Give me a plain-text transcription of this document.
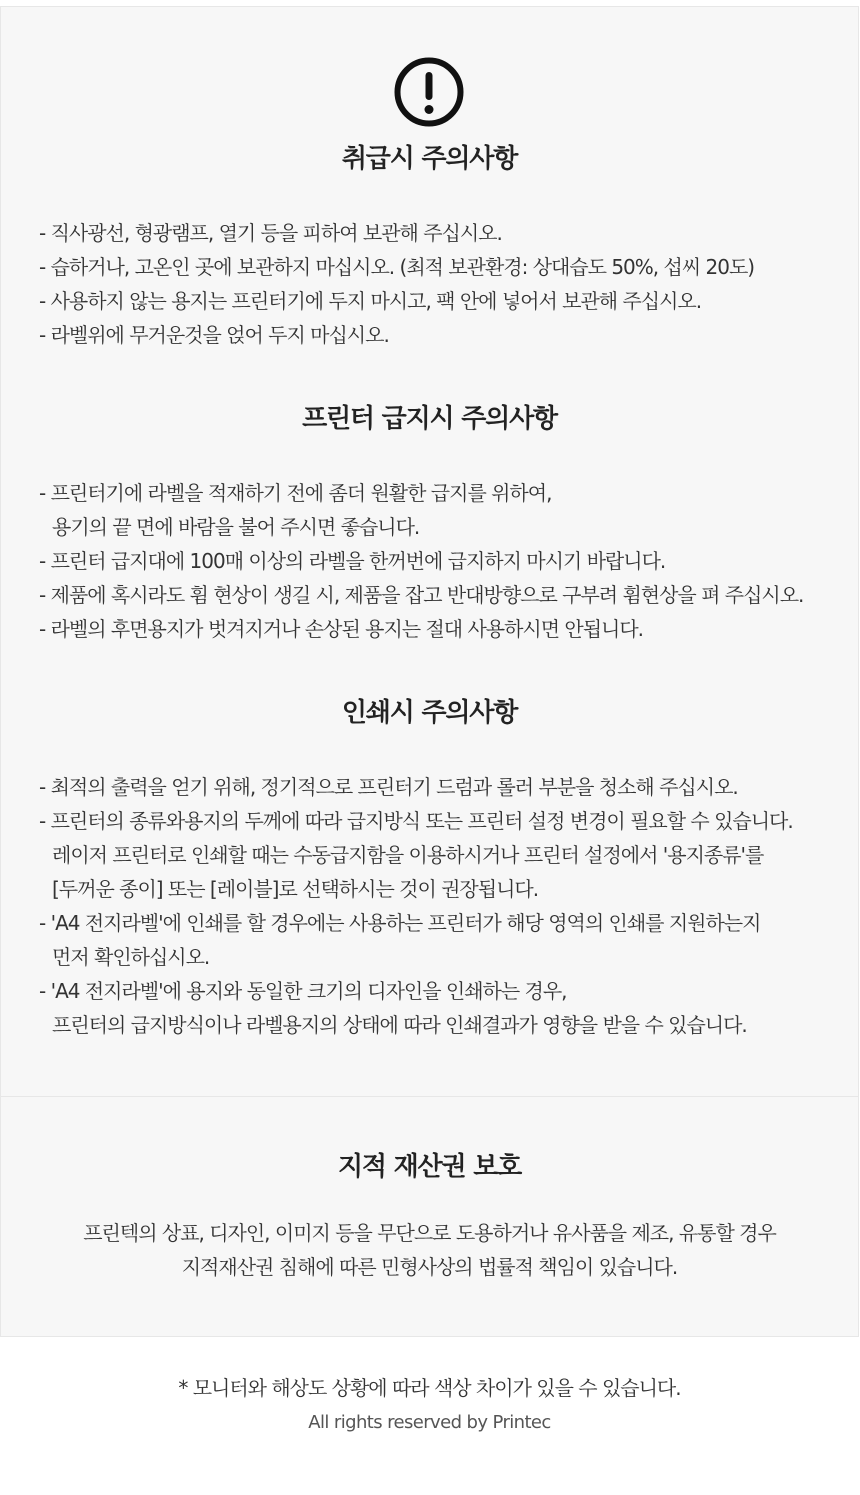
취급시 주의사항
- 직사광선, 형광램프, 열기 등을 피하여 보관해 주십시오.
- 습하거나, 고온인 곳에 보관하지 마십시오. (최적 보관환경: 상대습도 50%, 섭씨 20도)
- 사용하지 않는 용지는 프린터기에 두지 마시고, 팩 안에 넣어서 보관해 주십시오.
- 라벨위에 무거운것을 얹어 두지 마십시오.
프린터 급지시 주의사항
- 프린터기에 라벨을 적재하기 전에 좀더 원활한 급지를 위하여,
용기의 끝 면에 바람을 불어 주시면 좋습니다.
- 프린터 급지대에 100매 이상의 라벨을 한꺼번에 급지하지 마시기 바랍니다.
- 제품에 혹시라도 휨 현상이 생길 시, 제품을 잡고 반대방향으로 구부려 휨현상을 펴 주십시오.
- 라벨의 후면용지가 벗겨지거나 손상된 용지는 절대 사용하시면 안됩니다.
인쇄시 주의사항
- 최적의 출력을 얻기 위해, 정기적으로 프린터기 드럼과 롤러 부분을 청소해 주십시오.
- 프린터의 종류와용지의 두께에 따라 급지방식 또는 프린터 설정 변경이 필요할 수 있습니다.
레이저 프린터로 인쇄할 때는 수동급지함을 이용하시거나 프린터 설정에서 '용지종류'를
[두꺼운 종이] 또는 [레이블]로 선택하시는 것이 권장됩니다.
- 'A4 전지라벨'에 인쇄를 할 경우에는 사용하는 프린터가 해당 영역의 인쇄를 지원하는지
먼저 확인하십시오.
- 'A4 전지라벨'에 용지와 동일한 크기의 디자인을 인쇄하는 경우,
프린터의 급지방식이나 라벨용지의 상태에 따라 인쇄결과가 영향을 받을 수 있습니다.
지적 재산권 보호

프린텍의 상표, 디자인, 이미지 등을 무단으로 도용하거나 유사품을 제조, 유통할 경우

지적재산권 침해에 따른 민형사상의 법률적 책임이 있습니다.

* 모니터와 해상도 상황에 따라 색상 차이가 있을 수 있습니다.

All rights reserved by Printec
